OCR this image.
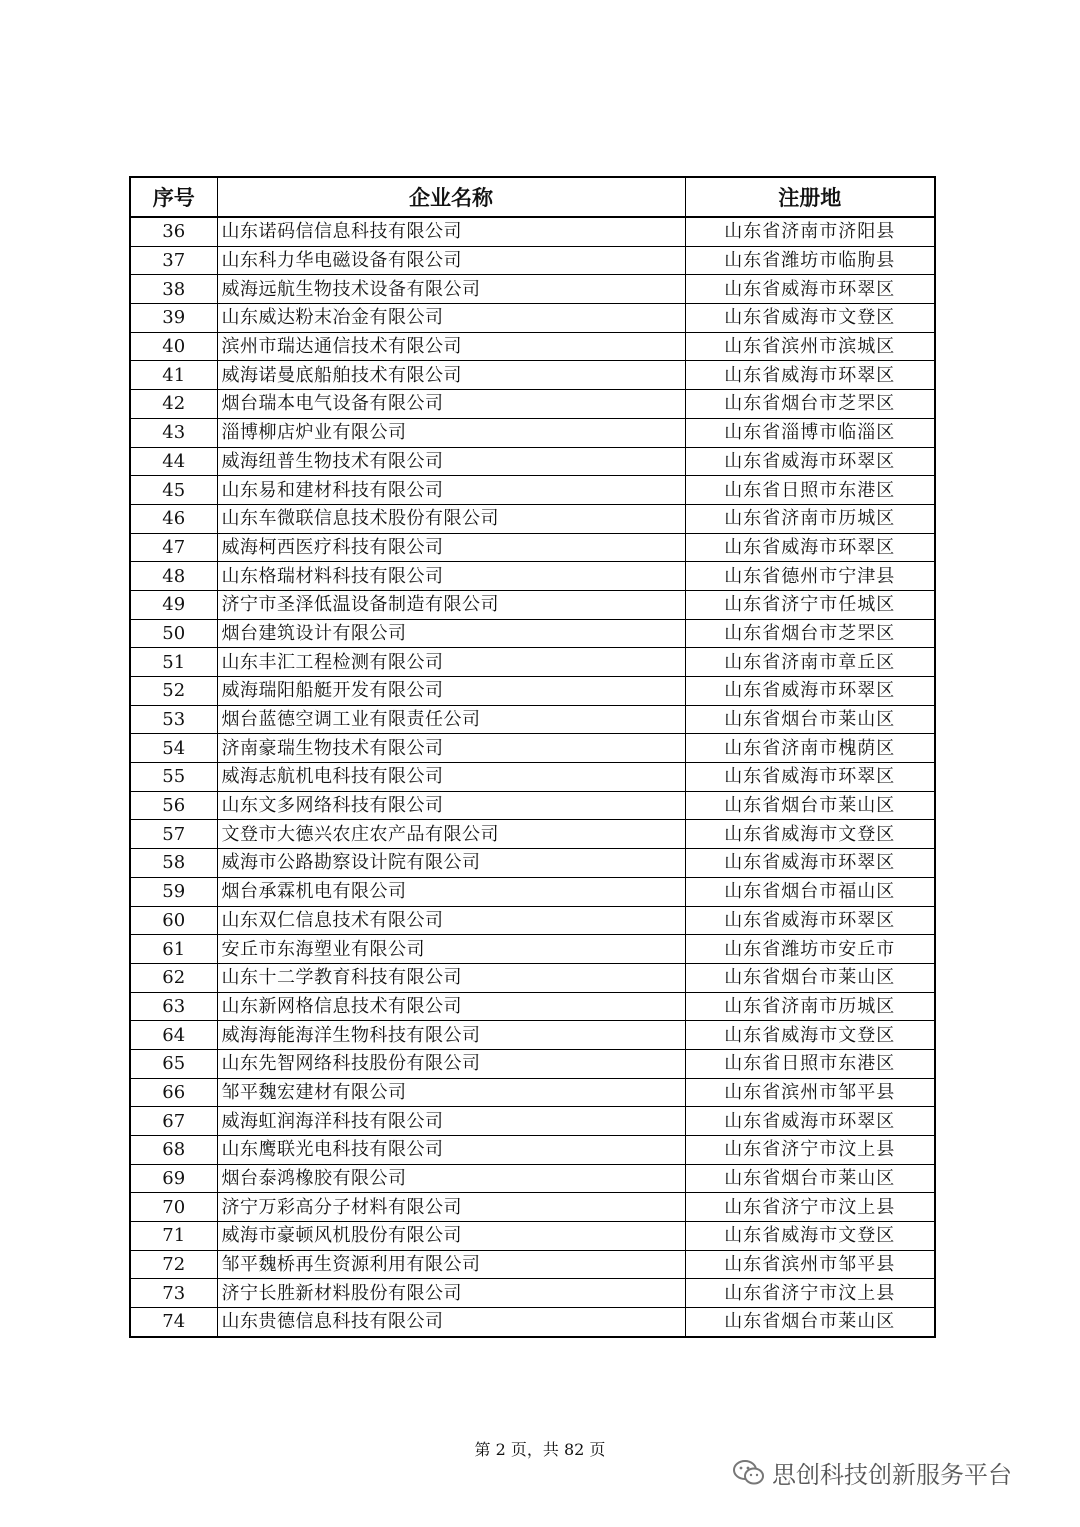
序号	企业名称	注册地
36	山东诺码信信息科技有限公司	山东省济南市济阳县
37	山东科力华电磁设备有限公司	山东省潍坊市临朐县
38	威海远航生物技术设备有限公司	山东省威海市环翠区
39	山东威达粉末冶金有限公司	山东省威海市文登区
40	滨州市瑞达通信技术有限公司	山东省滨州市滨城区
41	威海诺曼底船舶技术有限公司	山东省威海市环翠区
42	烟台瑞本电气设备有限公司	山东省烟台市芝罘区
43	淄博柳店炉业有限公司	山东省淄博市临淄区
44	威海纽普生物技术有限公司	山东省威海市环翠区
45	山东易和建材科技有限公司	山东省日照市东港区
46	山东车微联信息技术股份有限公司	山东省济南市历城区
47	威海柯西医疗科技有限公司	山东省威海市环翠区
48	山东格瑞材料科技有限公司	山东省德州市宁津县
49	济宁市圣泽低温设备制造有限公司	山东省济宁市任城区
50	烟台建筑设计有限公司	山东省烟台市芝罘区
51	山东丰汇工程检测有限公司	山东省济南市章丘区
52	威海瑞阳船艇开发有限公司	山东省威海市环翠区
53	烟台蓝德空调工业有限责任公司	山东省烟台市莱山区
54	济南豪瑞生物技术有限公司	山东省济南市槐荫区
55	威海志航机电科技有限公司	山东省威海市环翠区
56	山东文多网络科技有限公司	山东省烟台市莱山区
57	文登市大德兴农庄农产品有限公司	山东省威海市文登区
58	威海市公路勘察设计院有限公司	山东省威海市环翠区
59	烟台承霖机电有限公司	山东省烟台市福山区
60	山东双仁信息技术有限公司	山东省威海市环翠区
61	安丘市东海塑业有限公司	山东省潍坊市安丘市
62	山东十二学教育科技有限公司	山东省烟台市莱山区
63	山东新网格信息技术有限公司	山东省济南市历城区
64	威海海能海洋生物科技有限公司	山东省威海市文登区
65	山东先智网络科技股份有限公司	山东省日照市东港区
66	邹平魏宏建材有限公司	山东省滨州市邹平县
67	威海虹润海洋科技有限公司	山东省威海市环翠区
68	山东鹰联光电科技有限公司	山东省济宁市汶上县
69	烟台泰鸿橡胶有限公司	山东省烟台市莱山区
70	济宁万彩高分子材料有限公司	山东省济宁市汶上县
71	威海市豪顿风机股份有限公司	山东省威海市文登区
72	邹平魏桥再生资源利用有限公司	山东省滨州市邹平县
73	济宁长胜新材料股份有限公司	山东省济宁市汶上县
74	山东贵德信息科技有限公司	山东省烟台市莱山区
第 2 页，共 82 页
思创科技创新服务平台
